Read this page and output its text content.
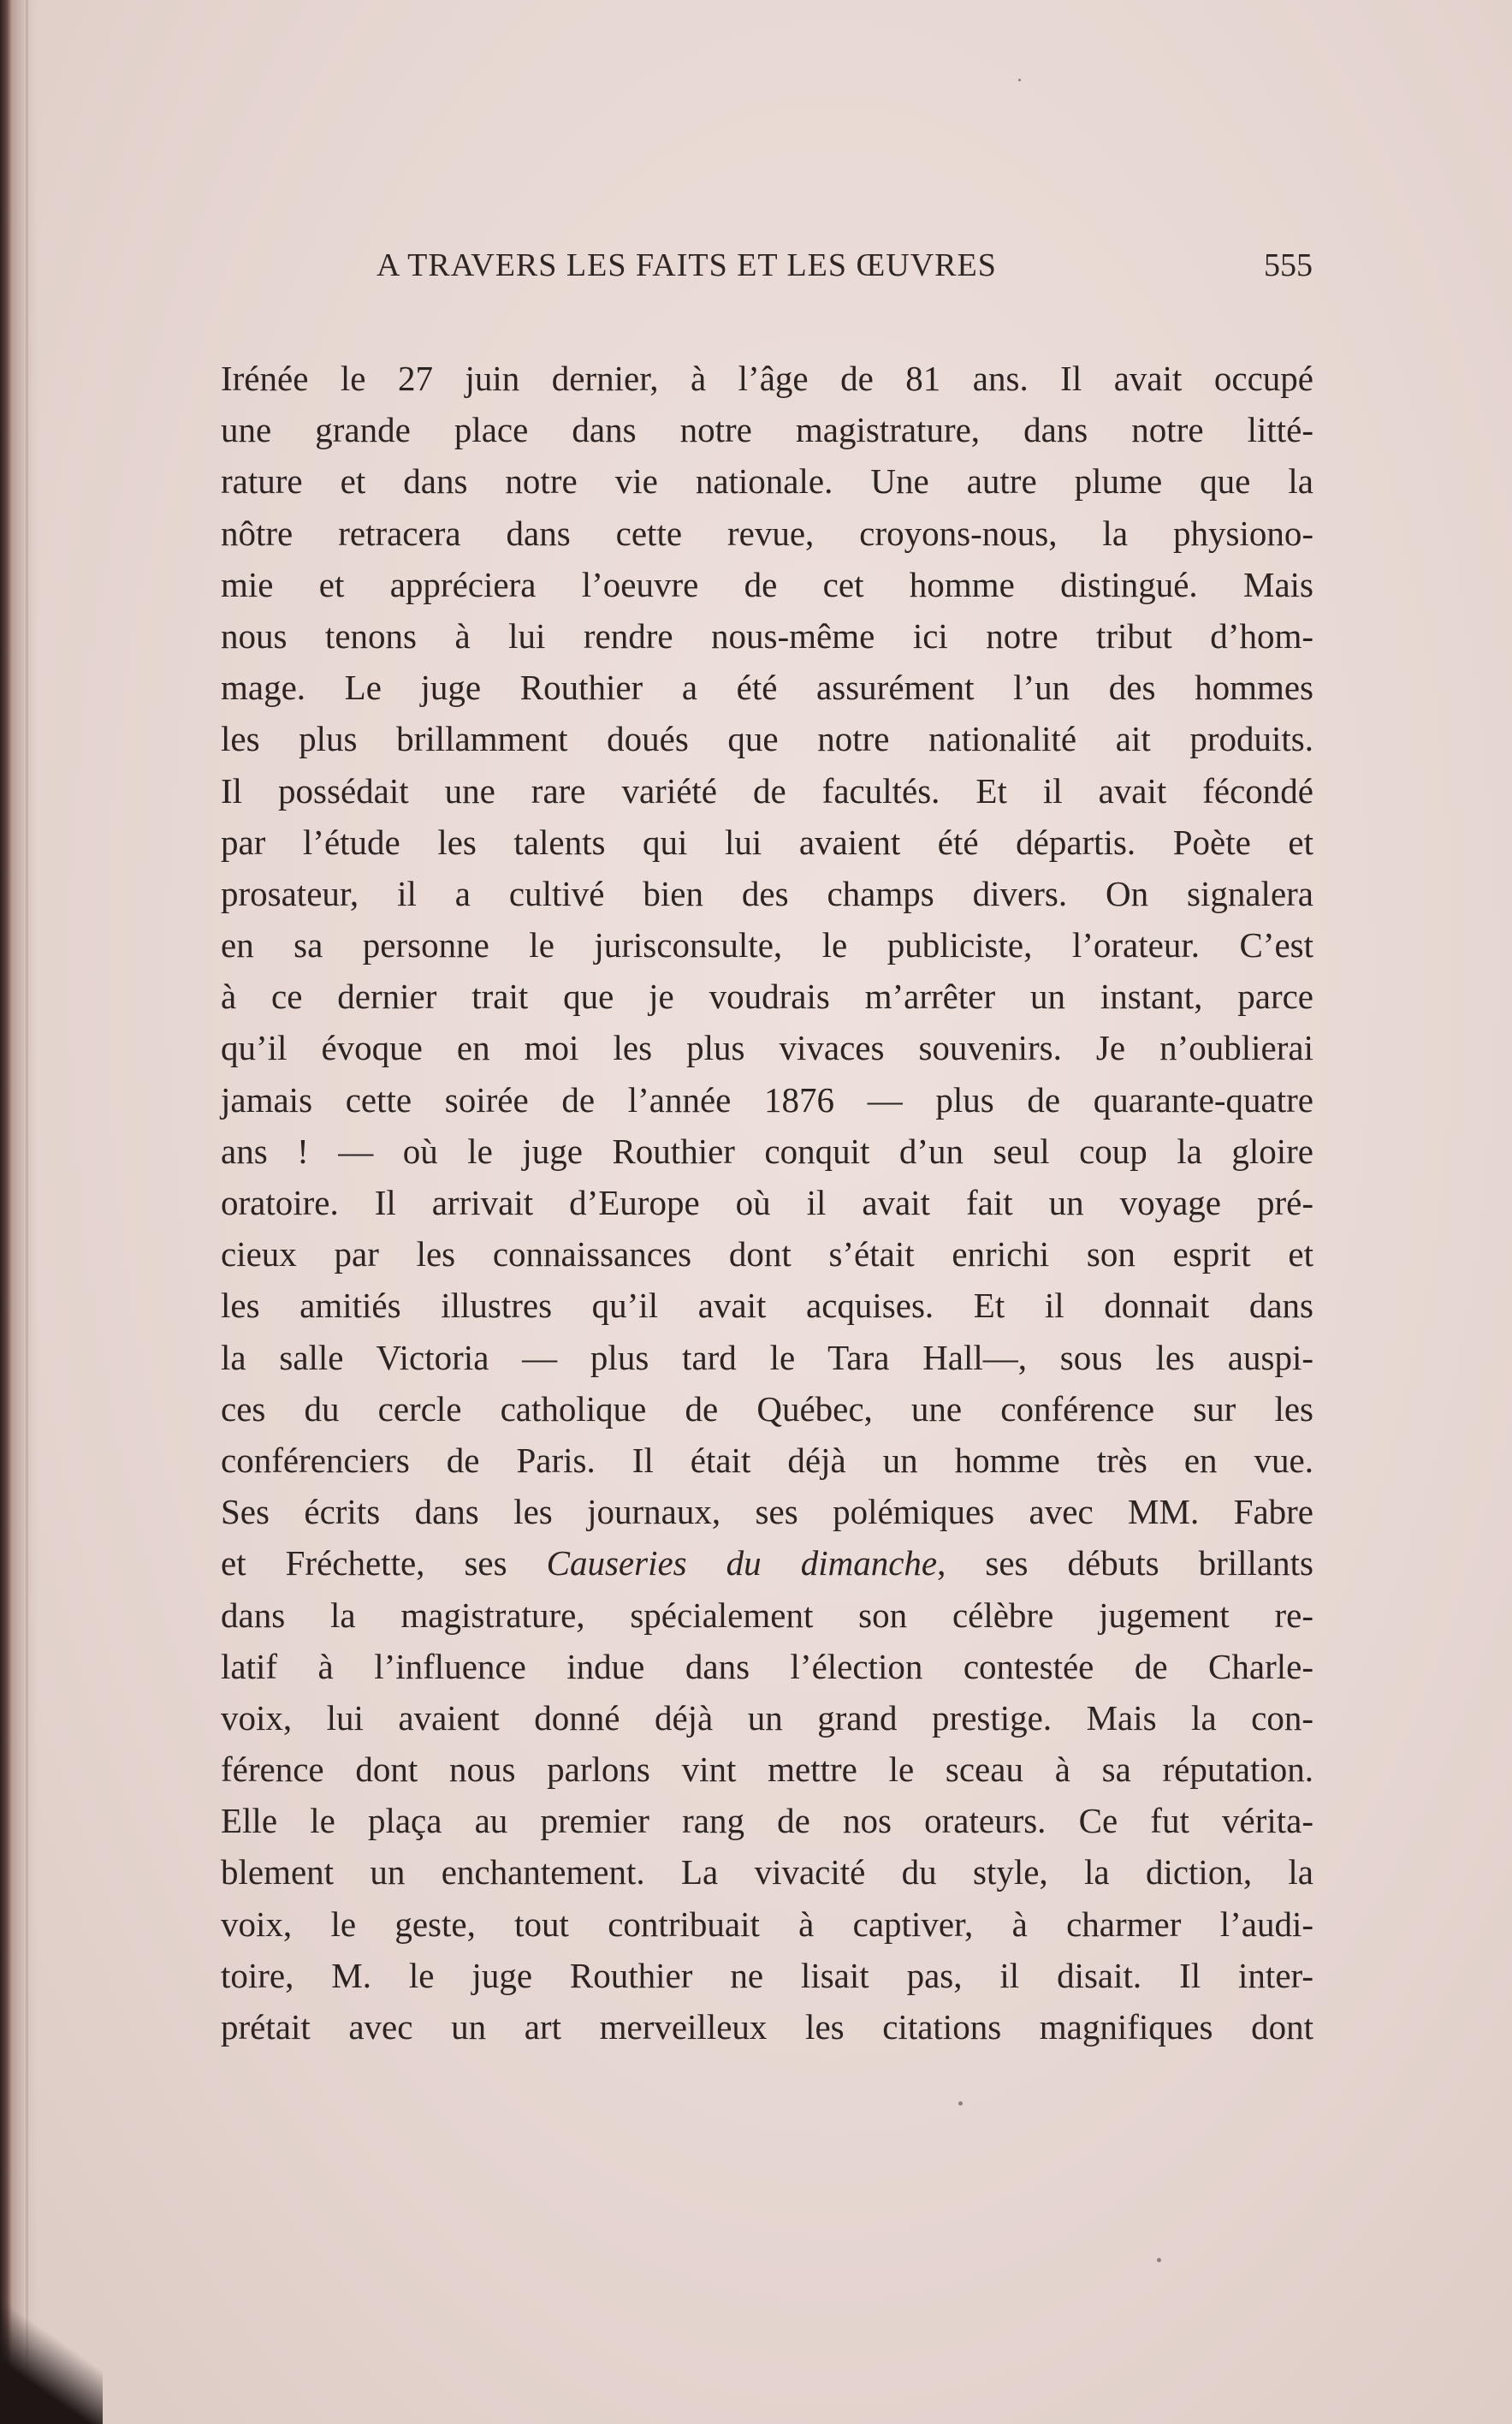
A TRAVERS LES FAITS ET LES ŒUVRES	555
Irénée le 27 juin dernier, à l’âge de 81 ans. Il avait occupé
une grande place dans notre magistrature, dans notre litté-
rature et dans notre vie nationale. Une autre plume que la
nôtre retracera dans cette revue, croyons-nous, la physiono-
mie et appréciera l’oeuvre de cet homme distingué. Mais
nous tenons à lui rendre nous-même ici notre tribut d’hom-
mage. Le juge Routhier a été assurément l’un des hommes
les plus brillamment doués que notre nationalité ait produits.
Il possédait une rare variété de facultés. Et il avait fécondé
par l’étude les talents qui lui avaient été départis. Poète et
prosateur, il a cultivé bien des champs divers. On signalera
en sa personne le jurisconsulte, le publiciste, l’orateur. C’est
à ce dernier trait que je voudrais m’arrêter un instant, parce
qu’il évoque en moi les plus vivaces souvenirs. Je n’oublierai
jamais cette soirée de l’année 1876 — plus de quarante-quatre
ans ! — où le juge Routhier conquit d’un seul coup la gloire
oratoire. Il arrivait d’Europe où il avait fait un voyage pré-
cieux par les connaissances dont s’était enrichi son esprit et
les amitiés illustres qu’il avait acquises. Et il donnait dans
la salle Victoria — plus tard le Tara Hall—, sous les auspi-
ces du cercle catholique de Québec, une conférence sur les
conférenciers de Paris. Il était déjà un homme très en vue.
Ses écrits dans les journaux, ses polémiques avec MM. Fabre
et Fréchette, ses Causeries du dimanche, ses débuts brillants
dans la magistrature, spécialement son célèbre jugement re-
latif à l’influence indue dans l’élection contestée de Charle-
voix, lui avaient donné déjà un grand prestige. Mais la con-
férence dont nous parlons vint mettre le sceau à sa réputation.
Elle le plaça au premier rang de nos orateurs. Ce fut vérita-
blement un enchantement. La vivacité du style, la diction, la
voix, le geste, tout contribuait à captiver, à charmer l’audi-
toire, M. le juge Routhier ne lisait pas, il disait. Il inter-
prétait avec un art merveilleux les citations magnifiques dont
